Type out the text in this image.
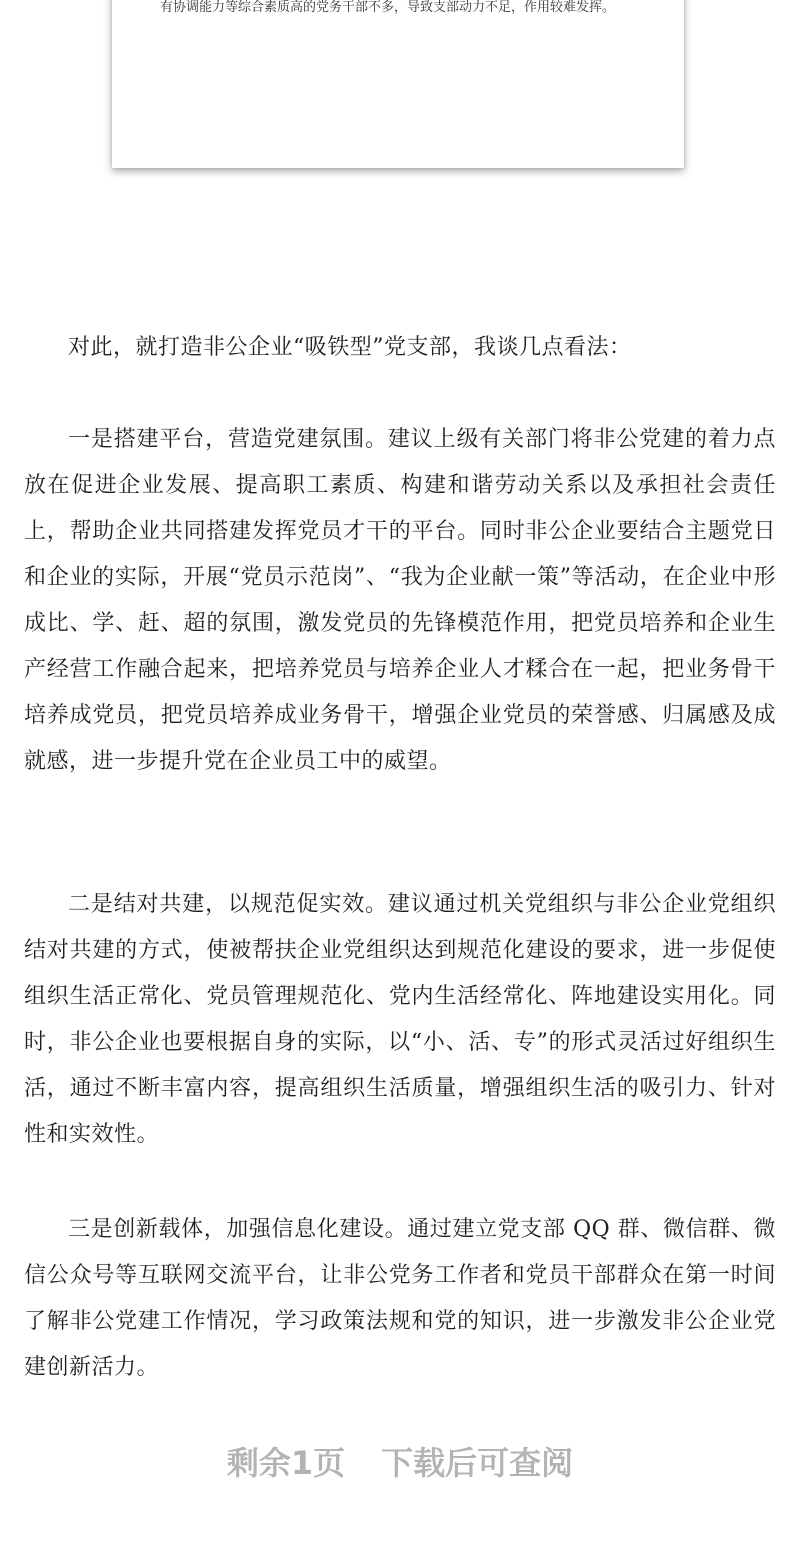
有协调能力等综合素质高的党务干部不多，导致支部动力不足，作用较难发挥。

对此，就打造非公企业“吸铁型”党支部，我谈几点看法：

一是搭建平台，营造党建氛围。建议上级有关部门将非公党建的着力点放在促进企业发展、提高职工素质、构建和谐劳动关系以及承担社会责任上，帮助企业共同搭建发挥党员才干的平台。同时非公企业要结合主题党日和企业的实际，开展“党员示范岗”、“我为企业献一策”等活动，在企业中形成比、学、赶、超的氛围，激发党员的先锋模范作用，把党员培养和企业生产经营工作融合起来，把培养党员与培养企业人才糅合在一起，把业务骨干培养成党员，把党员培养成业务骨干，增强企业党员的荣誉感、归属感及成就感，进一步提升党在企业员工中的威望。

二是结对共建，以规范促实效。建议通过机关党组织与非公企业党组织结对共建的方式，使被帮扶企业党组织达到规范化建设的要求，进一步促使组织生活正常化、党员管理规范化、党内生活经常化、阵地建设实用化。同时，非公企业也要根据自身的实际，以“小、活、专”的形式灵活过好组织生活，通过不断丰富内容，提高组织生活质量，增强组织生活的吸引力、针对性和实效性。

三是创新载体，加强信息化建设。通过建立党支部 QQ 群、微信群、微信公众号等互联网交流平台，让非公党务工作者和党员干部群众在第一时间了解非公党建工作情况，学习政策法规和党的知识，进一步激发非公企业党建创新活力。

剩余1页 下载后可查阅
